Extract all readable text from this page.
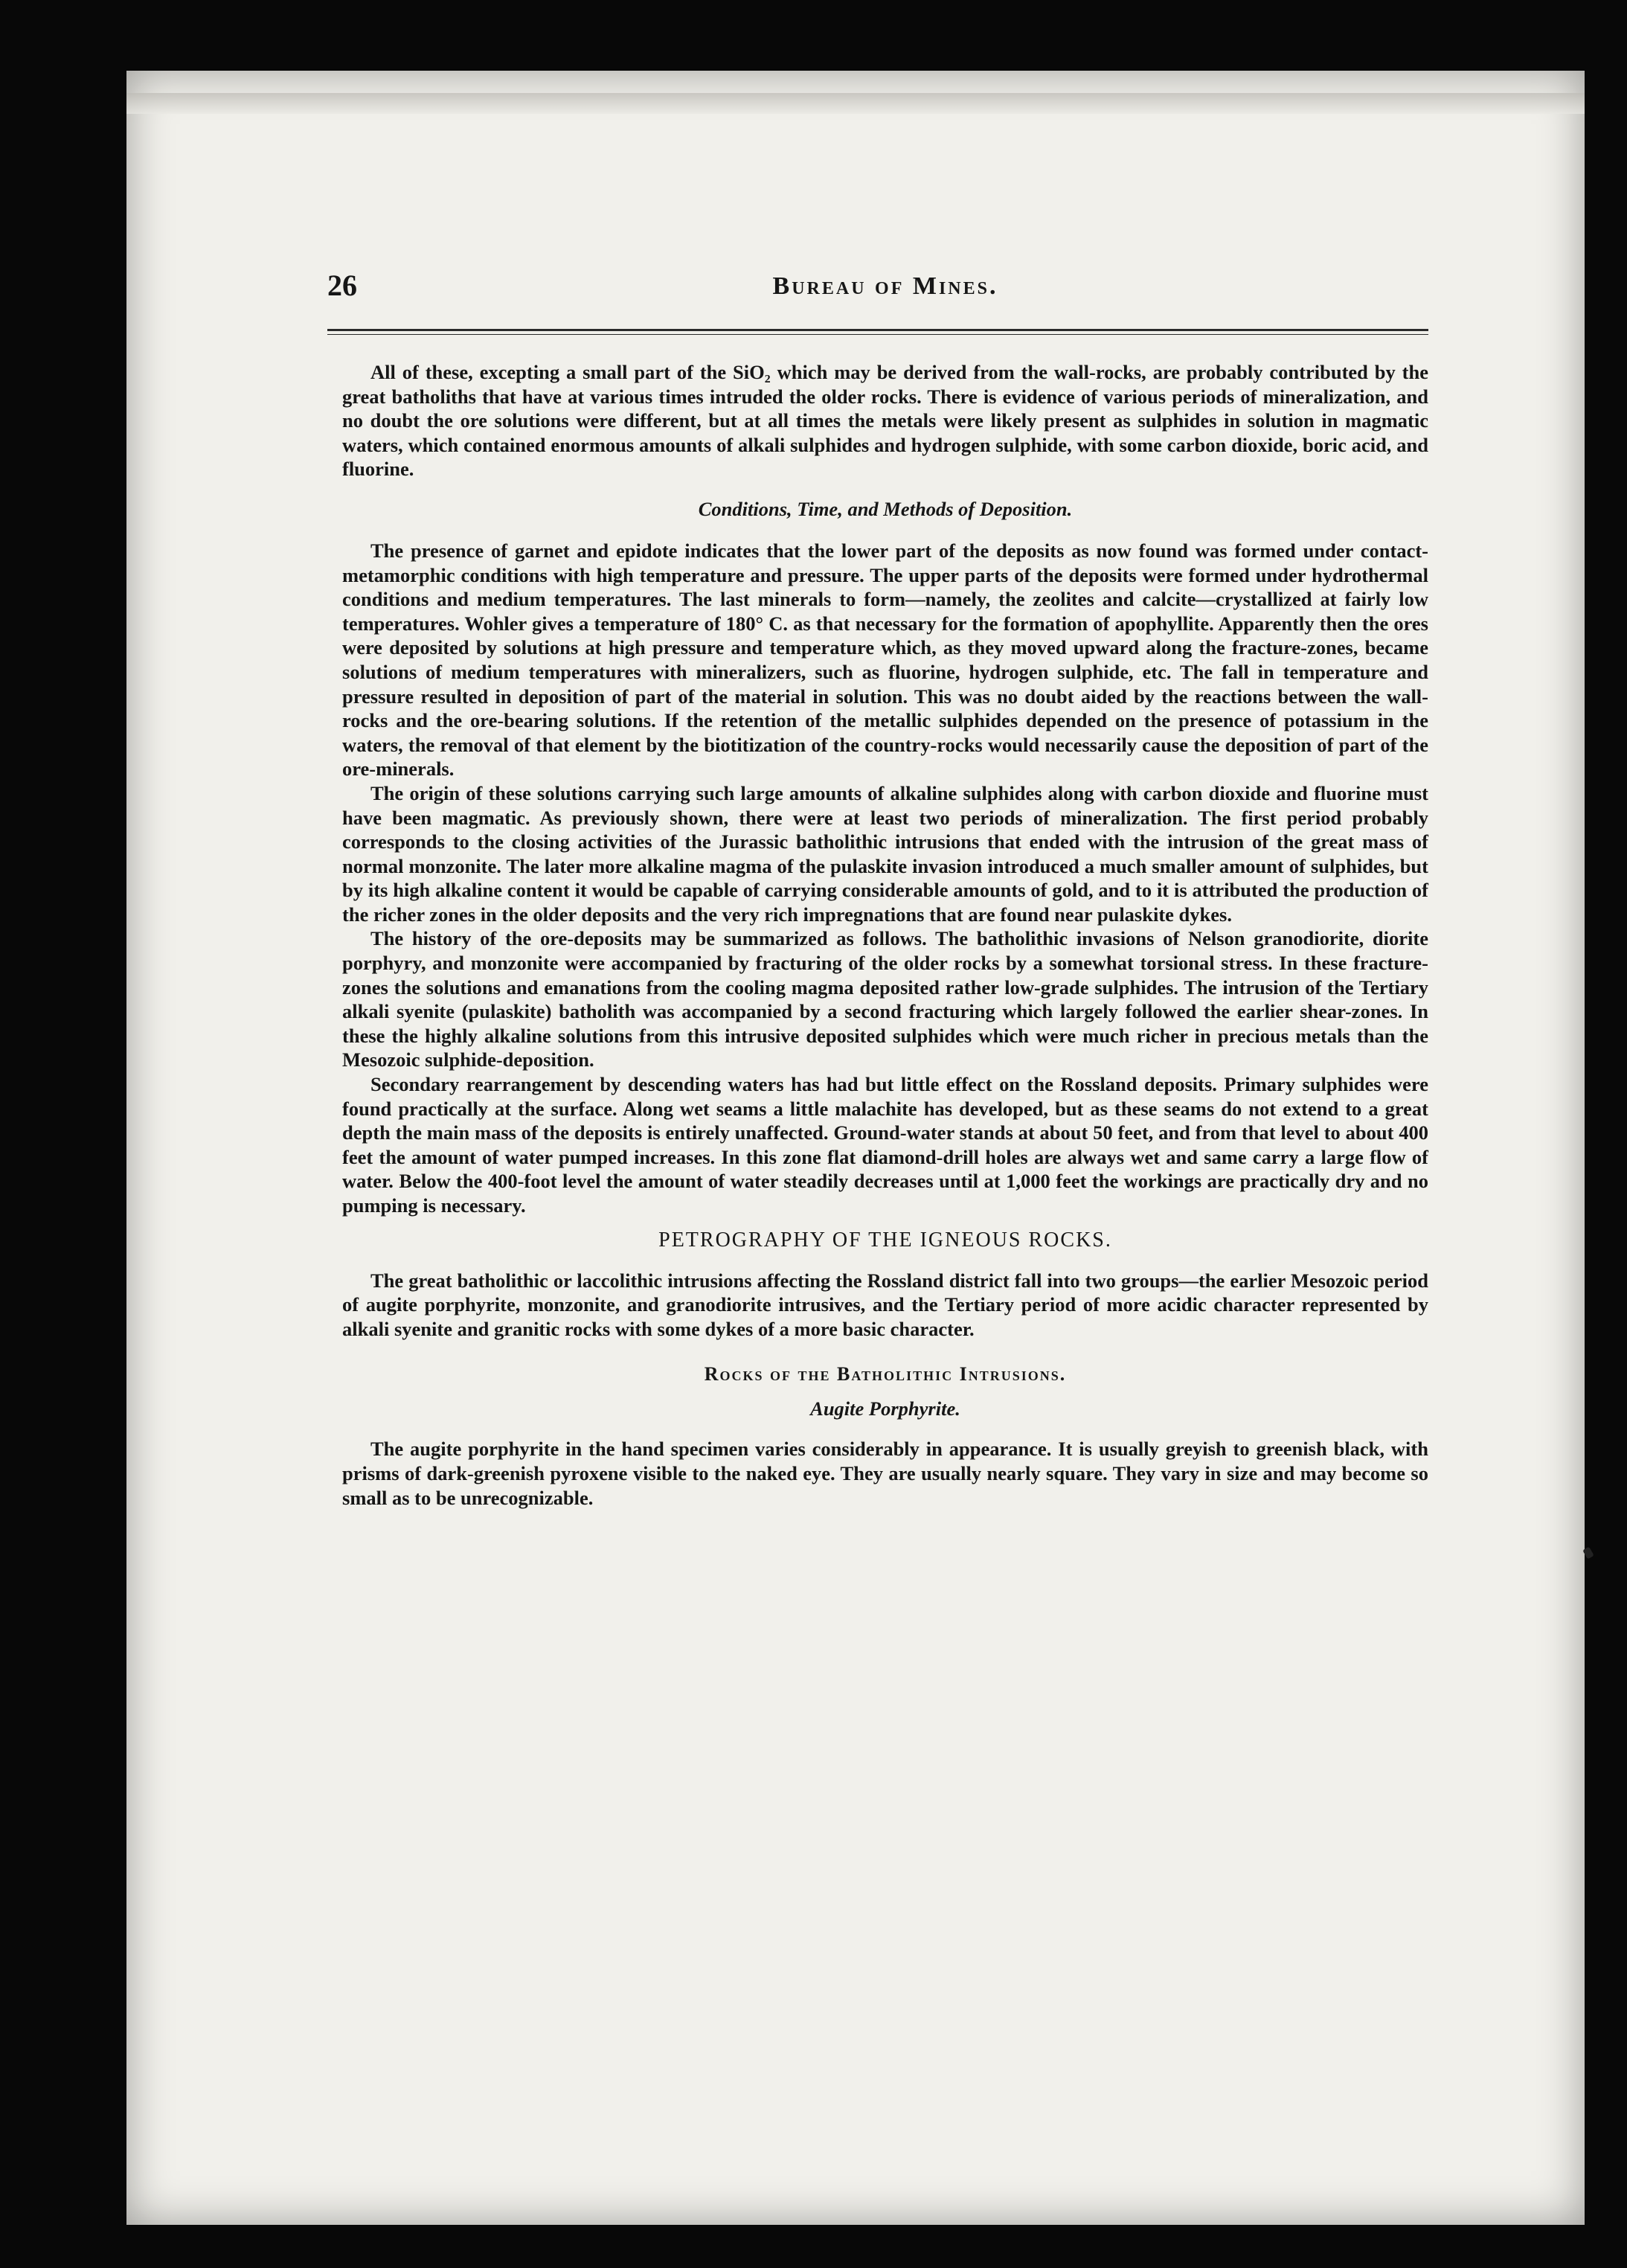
26	Bureau of Mines.

All of these, excepting a small part of the SiO₂ which may be derived from the wall-rocks, are probably contributed by the great batholiths that have at various times intruded the older rocks. There is evidence of various periods of mineralization, and no doubt the ore solutions were different, but at all times the metals were likely present as sulphides in solution in magmatic waters, which contained enormous amounts of alkali sulphides and hydrogen sulphide, with some carbon dioxide, boric acid, and fluorine.

Conditions, Time, and Methods of Deposition.

The presence of garnet and epidote indicates that the lower part of the deposits as now found was formed under contact-metamorphic conditions with high temperature and pressure. The upper parts of the deposits were formed under hydrothermal conditions and medium temperatures. The last minerals to form—namely, the zeolites and calcite—crystallized at fairly low temperatures. Wohler gives a temperature of 180° C. as that necessary for the formation of apophyllite. Apparently then the ores were deposited by solutions at high pressure and temperature which, as they moved upward along the fracture-zones, became solutions of medium temperatures with mineralizers, such as fluorine, hydrogen sulphide, etc. The fall in temperature and pressure resulted in deposition of part of the material in solution. This was no doubt aided by the reactions between the wall-rocks and the ore-bearing solutions. If the retention of the metallic sulphides depended on the presence of potassium in the waters, the removal of that element by the biotitization of the country-rocks would necessarily cause the deposition of part of the ore-minerals.

The origin of these solutions carrying such large amounts of alkaline sulphides along with carbon dioxide and fluorine must have been magmatic. As previously shown, there were at least two periods of mineralization. The first period probably corresponds to the closing activities of the Jurassic batholithic intrusions that ended with the intrusion of the great mass of normal monzonite. The later more alkaline magma of the pulaskite invasion introduced a much smaller amount of sulphides, but by its high alkaline content it would be capable of carrying considerable amounts of gold, and to it is attributed the production of the richer zones in the older deposits and the very rich impregnations that are found near pulaskite dykes.

The history of the ore-deposits may be summarized as follows. The batholithic invasions of Nelson granodiorite, diorite porphyry, and monzonite were accompanied by fracturing of the older rocks by a somewhat torsional stress. In these fracture-zones the solutions and emanations from the cooling magma deposited rather low-grade sulphides. The intrusion of the Tertiary alkali syenite (pulaskite) batholith was accompanied by a second fracturing which largely followed the earlier shear-zones. In these the highly alkaline solutions from this intrusive deposited sulphides which were much richer in precious metals than the Mesozoic sulphide-deposition.

Secondary rearrangement by descending waters has had but little effect on the Rossland deposits. Primary sulphides were found practically at the surface. Along wet seams a little malachite has developed, but as these seams do not extend to a great depth the main mass of the deposits is entirely unaffected. Ground-water stands at about 50 feet, and from that level to about 400 feet the amount of water pumped increases. In this zone flat diamond-drill holes are always wet and same carry a large flow of water. Below the 400-foot level the amount of water steadily decreases until at 1,000 feet the workings are practically dry and no pumping is necessary.

PETROGRAPHY OF THE IGNEOUS ROCKS.

The great batholithic or laccolithic intrusions affecting the Rossland district fall into two groups—the earlier Mesozoic period of augite porphyrite, monzonite, and granodiorite intrusives, and the Tertiary period of more acidic character represented by alkali syenite and granitic rocks with some dykes of a more basic character.

Rocks of the Batholithic Intrusions.
Augite Porphyrite.

The augite porphyrite in the hand specimen varies considerably in appearance. It is usually greyish to greenish black, with prisms of dark-greenish pyroxene visible to the naked eye. They are usually nearly square. They vary in size and may become so small as to be unrecognizable.
